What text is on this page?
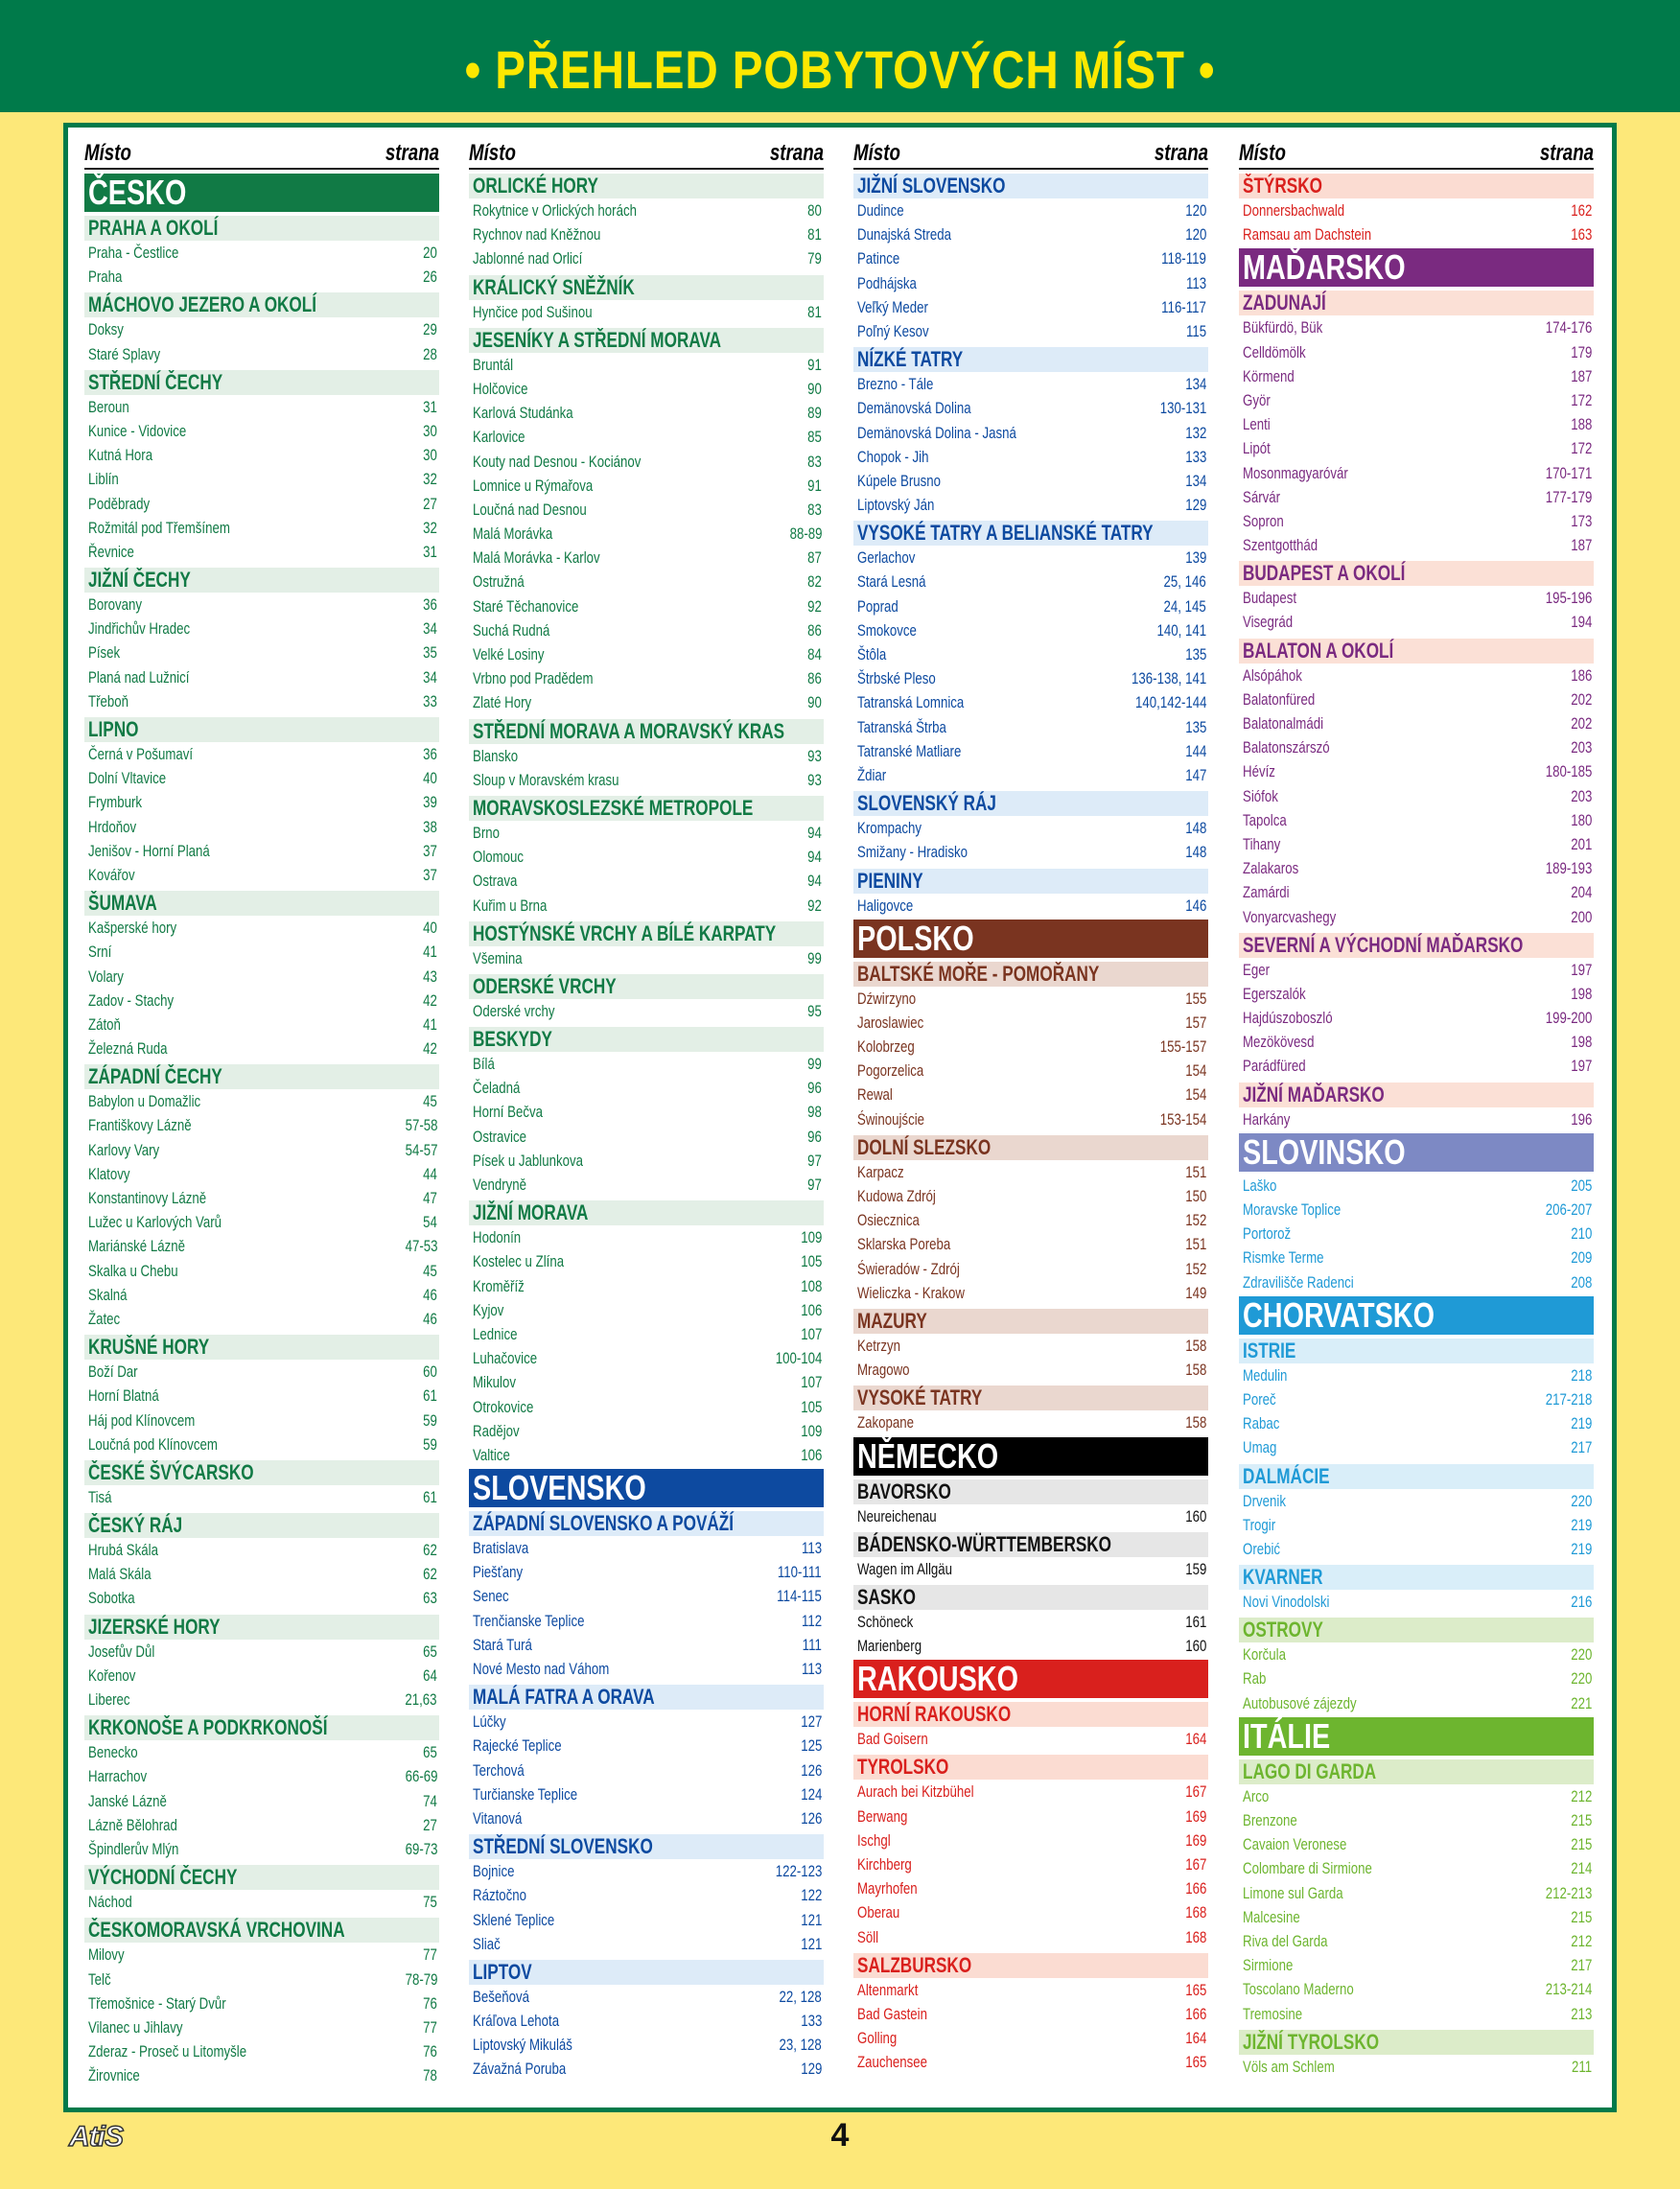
• PŘEHLED POBYTOVÝCH MÍST •
Místo	strana
ČESKO
PRAHA A OKOLÍ
Praha - Čestlice	20
Praha	26
MÁCHOVO JEZERO A OKOLÍ
Doksy	29
Staré Splavy	28
STŘEDNÍ ČECHY
Beroun	31
Kunice - Vidovice	30
Kutná Hora	30
Liblín	32
Poděbrady	27
Rožmitál pod Třemšínem	32
Řevnice	31
JIŽNÍ ČECHY
Borovany	36
Jindřichův Hradec	34
Písek	35
Planá nad Lužnicí	34
Třeboň	33
LIPNO
Černá v Pošumaví	36
Dolní Vltavice	40
Frymburk	39
Hrdoňov	38
Jenišov - Horní Planá	37
Kovářov	37
ŠUMAVA
Kašperské hory	40
Srní	41
Volary	43
Zadov - Stachy	42
Zátoň	41
Železná Ruda	42
ZÁPADNÍ ČECHY
Babylon u Domažlic	45
Františkovy Lázně	57-58
Karlovy Vary	54-57
Klatovy	44
Konstantinovy Lázně	47
Lužec u Karlových Varů	54
Mariánské Lázně	47-53
Skalka u Chebu	45
Skalná	46
Žatec	46
KRUŠNÉ HORY
Boží Dar	60
Horní Blatná	61
Háj pod Klínovcem	59
Loučná pod Klínovcem	59
ČESKÉ ŠVÝCARSKO
Tisá	61
ČESKÝ RÁJ
Hrubá Skála	62
Malá Skála	62
Sobotka	63
JIZERSKÉ HORY
Josefův Důl	65
Kořenov	64
Liberec	21,63
KRKONOŠE A PODKRKONOŠÍ
Benecko	65
Harrachov	66-69
Janské Lázně	74
Lázně Bělohrad	27
Špindlerův Mlýn	69-73
VÝCHODNÍ ČECHY
Náchod	75
ČESKOMORAVSKÁ VRCHOVINA
Milovy	77
Telč	78-79
Třemošnice - Starý Dvůr	76
Vilanec u Jihlavy	77
Zderaz - Proseč u Litomyšle	76
Žirovnice	78
Místo	strana
ORLICKÉ HORY
Rokytnice v Orlických horách	80
Rychnov nad Kněžnou	81
Jablonné nad Orlicí	79
KRÁLICKÝ SNĚŽNÍK
Hynčice pod Sušinou	81
JESENÍKY A STŘEDNÍ MORAVA
Bruntál	91
Holčovice	90
Karlová Studánka	89
Karlovice	85
Kouty nad Desnou - Kociánov	83
Lomnice u Rýmařova	91
Loučná nad Desnou	83
Malá Morávka	88-89
Malá Morávka - Karlov	87
Ostružná	82
Staré Těchanovice	92
Suchá Rudná	86
Velké Losiny	84
Vrbno pod Pradědem	86
Zlaté Hory	90
STŘEDNÍ MORAVA A MORAVSKÝ KRAS
Blansko	93
Sloup v Moravském krasu	93
MORAVSKOSLEZSKÉ METROPOLE
Brno	94
Olomouc	94
Ostrava	94
Kuřim u Brna	92
HOSTÝNSKÉ VRCHY A BÍLÉ KARPATY
Všemina	99
ODERSKÉ VRCHY
Oderské vrchy	95
BESKYDY
Bílá	99
Čeladná	96
Horní Bečva	98
Ostravice	96
Písek u Jablunkova	97
Vendryně	97
JIŽNÍ MORAVA
Hodonín	109
Kostelec u Zlína	105
Kroměříž	108
Kyjov	106
Lednice	107
Luhačovice	100-104
Mikulov	107
Otrokovice	105
Radějov	109
Valtice	106
SLOVENSKO
ZÁPADNÍ SLOVENSKO A POVÁŽÍ
Bratislava	113
Piešťany	110-111
Senec	114-115
Trenčianske Teplice	112
Stará Turá	111
Nové Mesto nad Váhom	113
MALÁ FATRA A ORAVA
Lúčky	127
Rajecké Teplice	125
Terchová	126
Turčianske Teplice	124
Vitanová	126
STŘEDNÍ SLOVENSKO
Bojnice	122-123
Ráztočno	122
Sklené Teplice	121
Sliač	121
LIPTOV
Bešeňová	22, 128
Kráľova Lehota	133
Liptovský Mikuláš	23, 128
Závažná Poruba	129
Místo	strana
JIŽNÍ SLOVENSKO
Dudince	120
Dunajská Streda	120
Patince	118-119
Podhájska	113
Veľký Meder	116-117
Poľný Kesov	115
NÍZKÉ TATRY
Brezno - Tále	134
Demänovská Dolina	130-131
Demänovská Dolina - Jasná	132
Chopok - Jih	133
Kúpele Brusno	134
Liptovský Ján	129
VYSOKÉ TATRY A BELIANSKÉ TATRY
Gerlachov	139
Stará Lesná	25, 146
Poprad	24, 145
Smokovce	140, 141
Štôla	135
Štrbské Pleso	136-138, 141
Tatranská Lomnica	140,142-144
Tatranská Štrba	135
Tatranské Matliare	144
Ždiar	147
SLOVENSKÝ RÁJ
Krompachy	148
Smižany - Hradisko	148
PIENINY
Haligovce	146
POLSKO
BALTSKÉ MOŘE - POMOŘANY
Dźwirzyno	155
Jaroslawiec	157
Kolobrzeg	155-157
Pogorzelica	154
Rewal	154
Świnoujście	153-154
DOLNÍ SLEZSKO
Karpacz	151
Kudowa Zdrój	150
Osiecznica	152
Sklarska Poreba	151
Świeradów - Zdrój	152
Wieliczka - Krakow	149
MAZURY
Ketrzyn	158
Mragowo	158
VYSOKÉ TATRY
Zakopane	158
NĚMECKO
BAVORSKO
Neureichenau	160
BÁDENSKO-WÜRTTEMBERSKO
Wagen im Allgäu	159
SASKO
Schöneck	161
Marienberg	160
RAKOUSKO
HORNÍ RAKOUSKO
Bad Goisern	164
TYROLSKO
Aurach bei Kitzbühel	167
Berwang	169
Ischgl	169
Kirchberg	167
Mayrhofen	166
Oberau	168
Söll	168
SALZBURSKO
Altenmarkt	165
Bad Gastein	166
Golling	164
Zauchensee	165
Místo	strana
ŠTÝRSKO
Donnersbachwald	162
Ramsau am Dachstein	163
MAĎARSKO
ZADUNAJÍ
Bükfürdö, Bük	174-176
Celldömölk	179
Körmend	187
Györ	172
Lenti	188
Lipót	172
Mosonmagyaróvár	170-171
Sárvár	177-179
Sopron	173
Szentgotthád	187
BUDAPEST A OKOLÍ
Budapest	195-196
Visegrád	194
BALATON A OKOLÍ
Alsópáhok	186
Balatonfüred	202
Balatonalmádi	202
Balatonszárszó	203
Hévíz	180-185
Siófok	203
Tapolca	180
Tihany	201
Zalakaros	189-193
Zamárdi	204
Vonyarcvashegy	200
SEVERNÍ A VÝCHODNÍ MAĎARSKO
Eger	197
Egerszalók	198
Hajdúszoboszló	199-200
Mezökövesd	198
Parádfüred	197
JIŽNÍ MAĎARSKO
Harkány	196
SLOVINSKO
Laško	205
Moravske Toplice	206-207
Portorož	210
Rismke Terme	209
Zdravilišče Radenci	208
CHORVATSKO
ISTRIE
Medulin	218
Poreč	217-218
Rabac	219
Umag	217
DALMÁCIE
Drvenik	220
Trogir	219
Orebić	219
KVARNER
Novi Vinodolski	216
OSTROVY
Korčula	220
Rab	220
Autobusové zájezdy	221
ITÁLIE
LAGO DI GARDA
Arco	212
Brenzone	215
Cavaion Veronese	215
Colombare di Sirmione	214
Limone sul Garda	212-213
Malcesine	215
Riva del Garda	212
Sirmione	217
Toscolano Maderno	213-214
Tremosine	213
JIŽNÍ TYROLSKO
Völs am Schlem	211
AtiS	4
